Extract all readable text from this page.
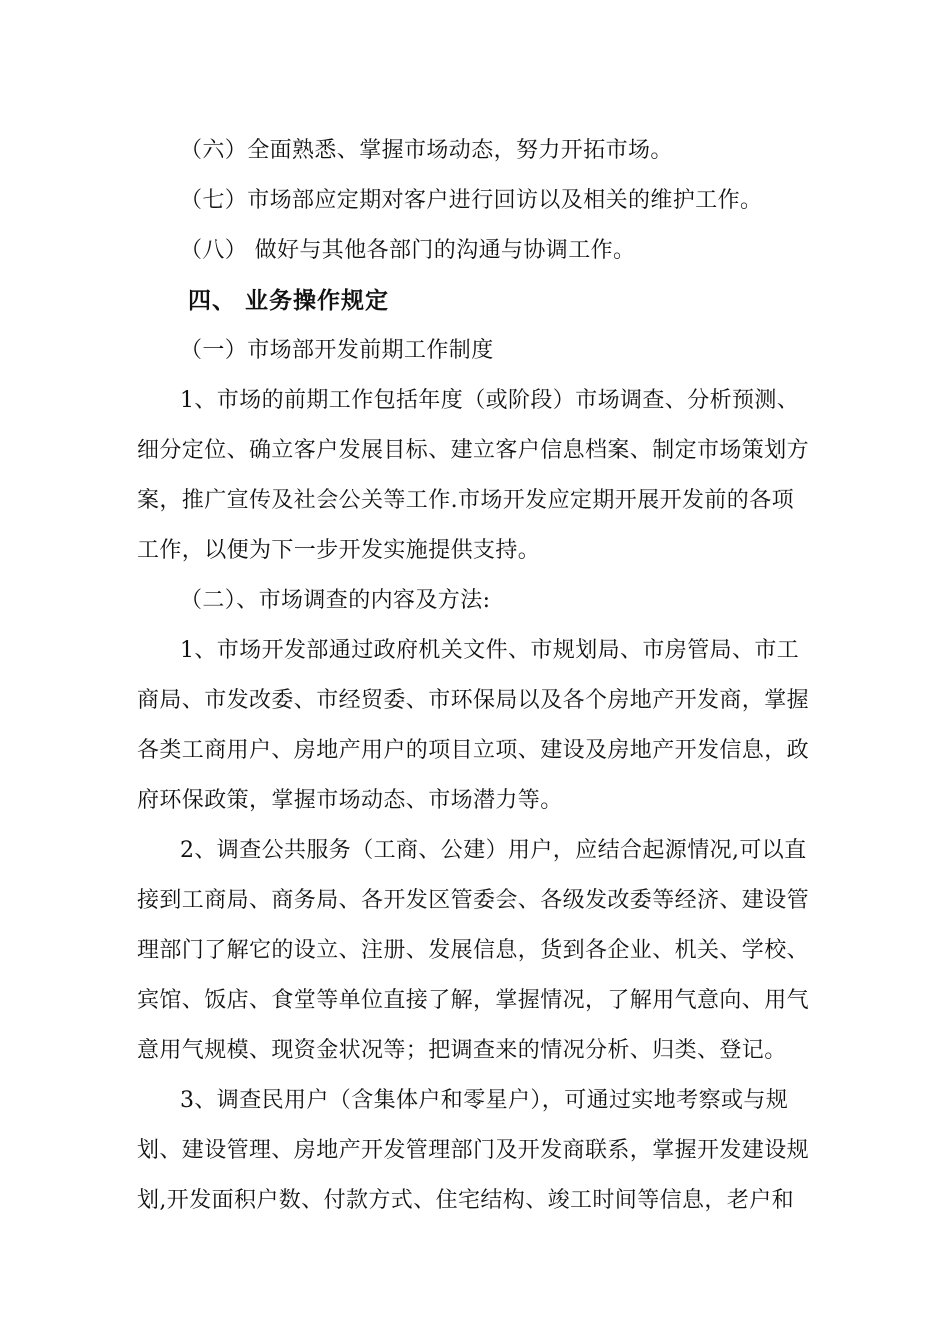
（六）全面熟悉、掌握市场动态，努力开拓市场。
（七）市场部应定期对客户进行回访以及相关的维护工作。
（八） 做好与其他各部门的沟通与协调工作。
四、 业务操作规定
（一）市场部开发前期工作制度
1、市场的前期工作包括年度（或阶段）市场调查、分析预测、
细分定位、确立客户发展目标、建立客户信息档案、制定市场策划方
案，推广宣传及社会公关等工作.市场开发应定期开展开发前的各项
工作，以便为下一步开发实施提供支持。
（二）、市场调查的内容及方法:
1、市场开发部通过政府机关文件、市规划局、市房管局、市工
商局、市发改委、市经贸委、市环保局以及各个房地产开发商，掌握
各类工商用户、房地产用户的项目立项、建设及房地产开发信息，政
府环保政策，掌握市场动态、市场潜力等。
2、调查公共服务（工商、公建）用户，应结合起源情况,可以直
接到工商局、商务局、各开发区管委会、各级发改委等经济、建设管
理部门了解它的设立、注册、发展信息，货到各企业、机关、学校、
宾馆、饭店、食堂等单位直接了解，掌握情况，了解用气意向、用气
意用气规模、现资金状况等；把调查来的情况分析、归类、登记。
3、调查民用户（含集体户和零星户），可通过实地考察或与规
划、建设管理、房地产开发管理部门及开发商联系，掌握开发建设规
划,开发面积户数、付款方式、住宅结构、竣工时间等信息，老户和
